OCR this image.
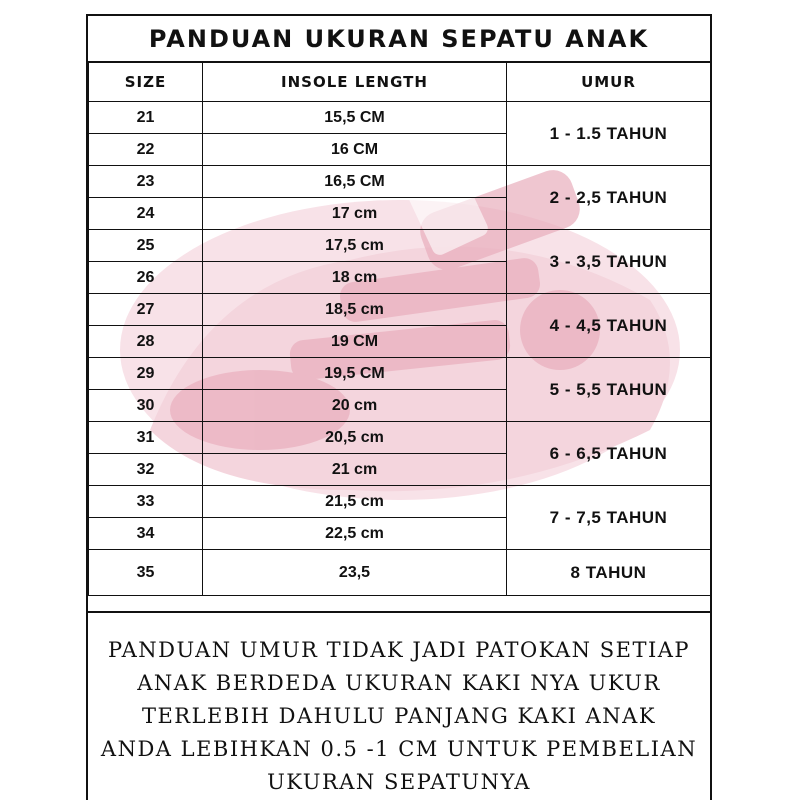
PANDUAN UKURAN SEPATU ANAK
SIZE	INSOLE LENGTH	UMUR
21	15,5 CM	1 - 1.5 TAHUN
22	16 CM	
23	16,5 CM	2 - 2,5 TAHUN
24	17 cm	
25	17,5 cm	3 - 3,5 TAHUN
26	18 cm	
27	18,5 cm	4 - 4,5 TAHUN
28	19 CM	
29	19,5 CM	5 - 5,5 TAHUN
30	20 cm	
31	20,5 cm	6 - 6,5 TAHUN
32	21 cm	
33	21,5 cm	7 - 7,5 TAHUN
34	22,5 cm	
35	23,5	8 TAHUN

PANDUAN UMUR TIDAK JADI PATOKAN SETIAP
ANAK BERDEDA UKURAN KAKI NYA UKUR
TERLEBIH DAHULU PANJANG KAKI ANAK
ANDA LEBIHKAN 0.5 -1 CM UNTUK PEMBELIAN
UKURAN SEPATUNYA
